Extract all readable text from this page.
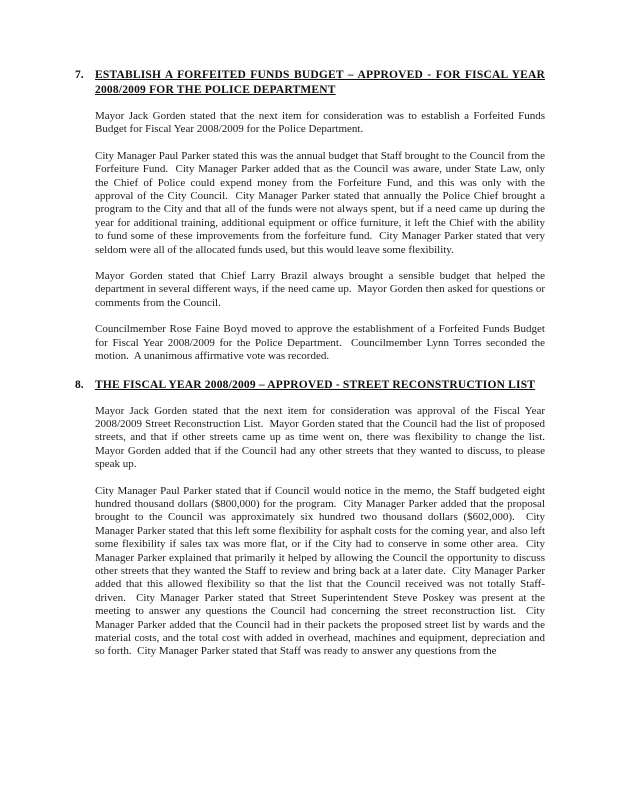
7. ESTABLISH A FORFEITED FUNDS BUDGET – APPROVED - FOR FISCAL YEAR 2008/2009 FOR THE POLICE DEPARTMENT

Mayor Jack Gorden stated that the next item for consideration was to establish a Forfeited Funds Budget for Fiscal Year 2008/2009 for the Police Department.

City Manager Paul Parker stated this was the annual budget that Staff brought to the Council from the Forfeiture Fund.  City Manager Parker added that as the Council was aware, under State Law, only the Chief of Police could expend money from the Forfeiture Fund, and this was only with the approval of the City Council.  City Manager Parker stated that annually the Police Chief brought a program to the City and that all of the funds were not always spent, but if a need came up during the year for additional training, additional equipment or office furniture, it left the Chief with the ability to fund some of these improvements from the forfeiture fund.  City Manager Parker stated that very seldom were all of the allocated funds used, but this would leave some flexibility.

Mayor Gorden stated that Chief Larry Brazil always brought a sensible budget that helped the department in several different ways, if the need came up.  Mayor Gorden then asked for questions or comments from the Council.

Councilmember Rose Faine Boyd moved to approve the establishment of a Forfeited Funds Budget for Fiscal Year 2008/2009 for the Police Department.  Councilmember Lynn Torres seconded the motion.  A unanimous affirmative vote was recorded.

8. THE FISCAL YEAR 2008/2009 – APPROVED - STREET RECONSTRUCTION LIST

Mayor Jack Gorden stated that the next item for consideration was approval of the Fiscal Year 2008/2009 Street Reconstruction List.  Mayor Gorden stated that the Council had the list of proposed streets, and that if other streets came up as time went on, there was flexibility to change the list.  Mayor Gorden added that if the Council had any other streets that they wanted to discuss, to please speak up.

City Manager Paul Parker stated that if Council would notice in the memo, the Staff budgeted eight hundred thousand dollars ($800,000) for the program.  City Manager Parker added that the proposal brought to the Council was approximately six hundred two thousand dollars ($602,000).  City Manager Parker stated that this left some flexibility for asphalt costs for the coming year, and also left some flexibility if sales tax was more flat, or if the City had to conserve in some other area.  City Manager Parker explained that primarily it helped by allowing the Council the opportunity to discuss other streets that they wanted the Staff to review and bring back at a later date.  City Manager Parker added that this allowed flexibility so that the list that the Council received was not totally Staff-driven.  City Manager Parker stated that Street Superintendent Steve Poskey was present at the meeting to answer any questions the Council had concerning the street reconstruction list.  City Manager Parker added that the Council had in their packets the proposed street list by wards and the material costs, and the total cost with added in overhead, machines and equipment, depreciation and so forth.  City Manager Parker stated that Staff was ready to answer any questions from the
